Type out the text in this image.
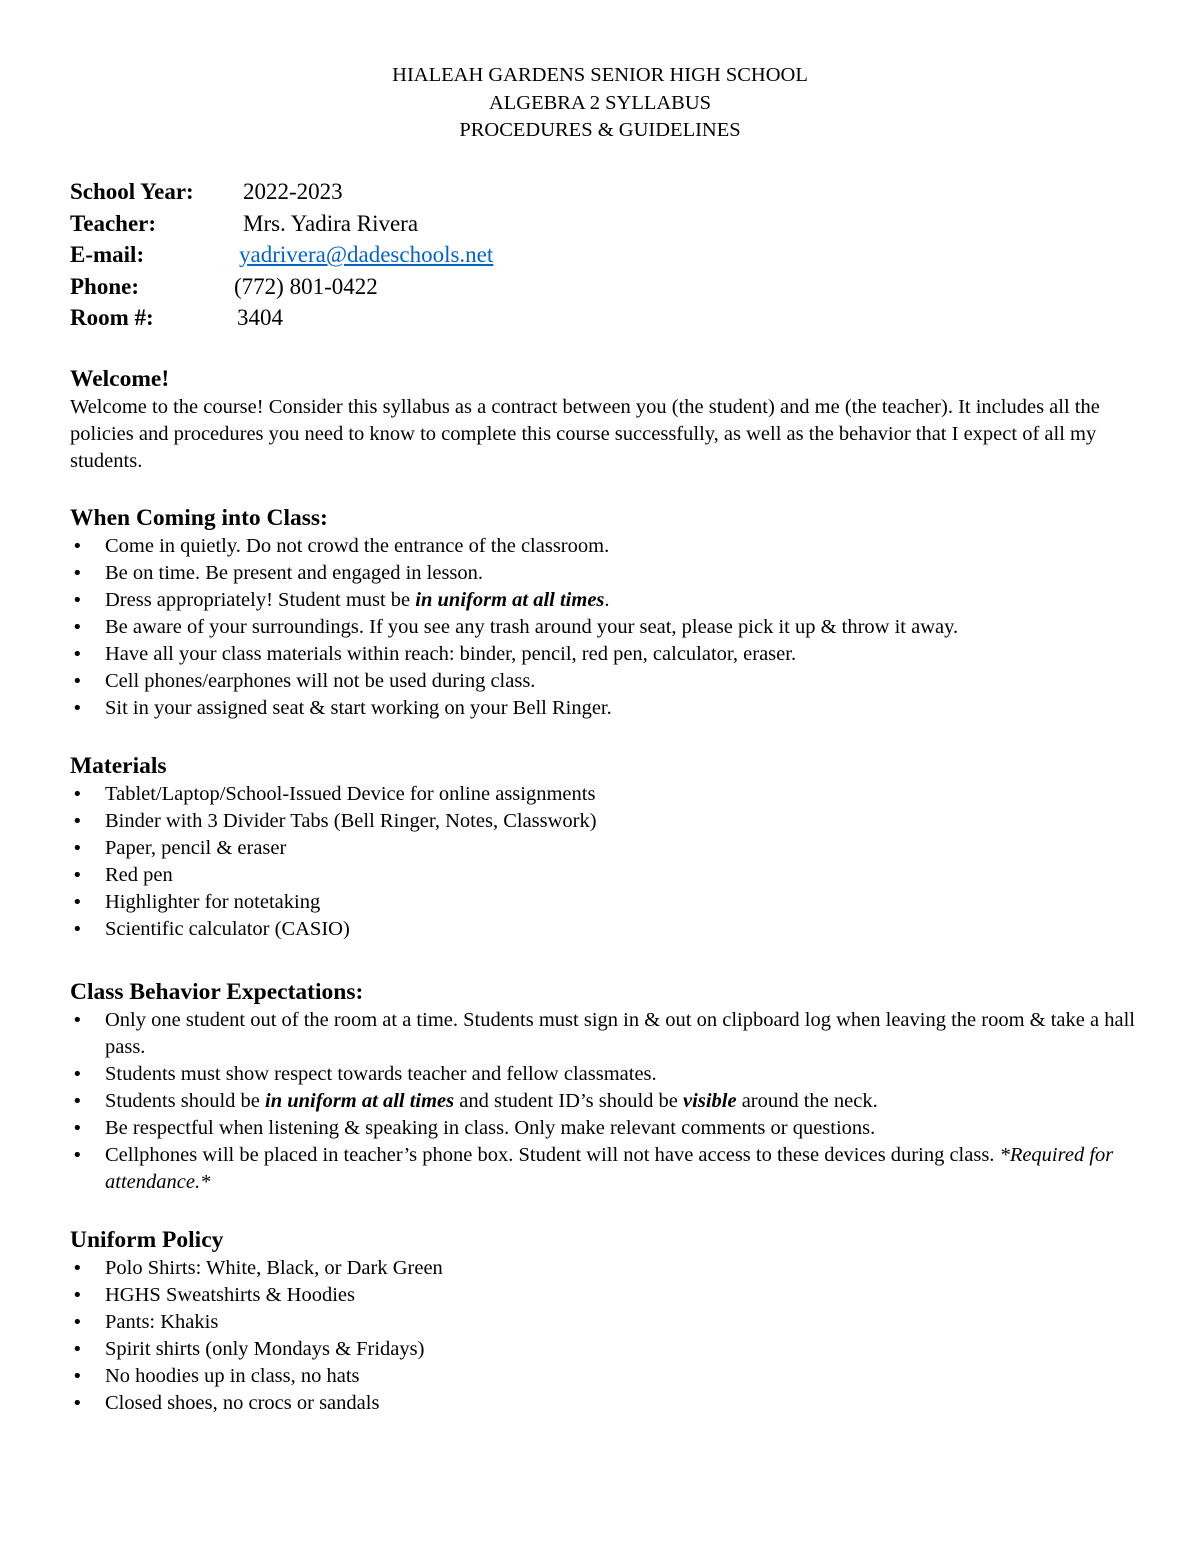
HIALEAH GARDENS SENIOR HIGH SCHOOL
ALGEBRA 2 SYLLABUS
PROCEDURES & GUIDELINES
School Year: 2022-2023
Teacher:	Mrs. Yadira Rivera
E-mail:	yadrivera@dadeschools.net
Phone:	(772) 801-0422
Room #:	3404
Welcome!

Welcome to the course! Consider this syllabus as a contract between you (the student) and me (the teacher). It includes all the policies and procedures you need to know to complete this course successfully, as well as the behavior that I expect of all my students.

When Coming into Class:
• Come in quietly. Do not crowd the entrance of the classroom.
• Be on time. Be present and engaged in lesson.
• Dress appropriately! Student must be in uniform at all times.
• Be aware of your surroundings. If you see any trash around your seat, please pick it up & throw it away.
• Have all your class materials within reach: binder, pencil, red pen, calculator, eraser.
• Cell phones/earphones will not be used during class.
• Sit in your assigned seat & start working on your Bell Ringer.
Materials
• Tablet/Laptop/School-Issued Device for online assignments
• Binder with 3 Divider Tabs (Bell Ringer, Notes, Classwork)
• Paper, pencil & eraser
• Red pen
• Highlighter for notetaking
• Scientific calculator (CASIO)
Class Behavior Expectations:
• Only one student out of the room at a time. Students must sign in & out on clipboard log when leaving the room & take a hall pass.
• Students must show respect towards teacher and fellow classmates.
• Students should be in uniform at all times and student ID’s should be visible around the neck.
• Be respectful when listening & speaking in class. Only make relevant comments or questions.
• Cellphones will be placed in teacher’s phone box. Student will not have access to these devices during class. *Required for attendance.*
Uniform Policy
• Polo Shirts: White, Black, or Dark Green
• HGHS Sweatshirts & Hoodies
• Pants: Khakis
• Spirit shirts (only Mondays & Fridays)
• No hoodies up in class, no hats
• Closed shoes, no crocs or sandals
